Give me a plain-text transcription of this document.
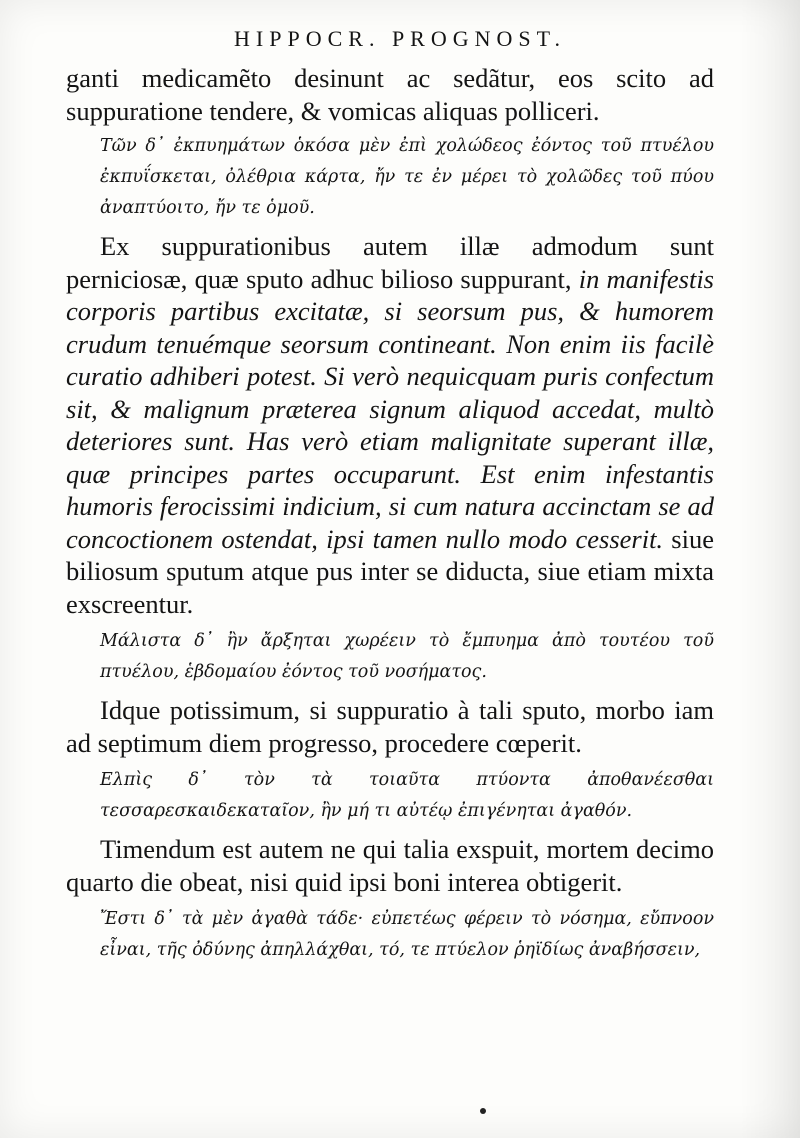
HIPPOCR. PROGNOST.

ganti medicamẽto desinunt ac sedãtur, eos scito ad suppuratione tendere, & vomicas aliquas polliceri.

Τῶν δ᾽ ἐκπυημάτων ὁκόσα μὲν ἐπὶ χολώδεος ἐόντος τοῦ πτυέλου ἐκπυΐσκεται, ὀλέθρια κάρτα, ἤν τε ἐν μέρει τὸ χολῶδες τοῦ πύου ἀναπτύοιτο, ἤν τε ὁμοῦ.

Ex suppurationibus autem illæ admodum sunt perniciosæ, quæ sputo adhuc bilioso suppurant, in manifestis corporis partibus excitatæ, si seorsum pus, & humorem crudum tenuémque seorsum contineant. Non enim iis facilè curatio adhiberi potest. Si verò nequicquam puris confectum sit, & malignum præterea signum aliquod accedat, multò deteriores sunt. Has verò etiam malignitate superant illæ, quæ principes partes occuparunt. Est enim infestantis humoris ferocissimi indicium, si cum natura accinctam se ad concoctionem ostendat, ipsi tamen nullo modo cesserit. siue biliosum sputum atque pus inter se diducta, siue etiam mixta exscreentur.

Μάλιστα δ᾽ ἢν ἄρξηται χωρέειν τὸ ἔμπυημα ἀπὸ τουτέου τοῦ πτυέλου, ἑβδομαίου ἐόντος τοῦ νοσήματος.

Idque potissimum, si suppuratio à tali sputo, morbo iam ad septimum diem progresso, procedere cœperit.

Ελπὶς δ᾽ τὸν τὰ τοιαῦτα πτύοντα ἀποθανέεσθαι τεσσαρεσκαιδεκαταῖον, ἢν μή τι αὐτέῳ ἐπιγένηται ἀγαθόν.

Timendum est autem ne qui talia exspuit, mortem decimo quarto die obeat, nisi quid ipsi boni interea obtigerit.

Ἔστι δ᾽ τὰ μὲν ἀγαθὰ τάδε· εὐπετέως φέρειν τὸ νόσημα, εὔπνοον εἶναι, τῆς ὀδύνης ἀπηλλάχθαι, τό, τε πτύελον ῥηϊδίως ἀναβήσσειν,
